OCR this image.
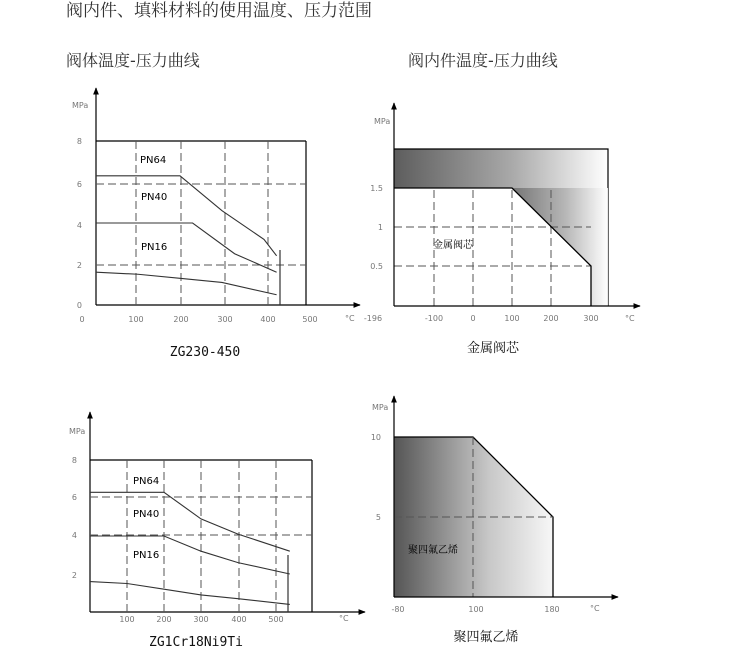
阀内件、填料材料的使用温度、压力范围
阀体温度-压力曲线	阀内件温度-压力曲线
MPa
°C
0	100	200	300	400	500
0
2
4
6
8
PN64
PN40
PN16
ZG230-450
MPa
°C
-196	-100	0	100	200	300
0.5
1
1.5
金属阀芯
金属阀芯
MPa
°C
100	200	300	400	500
2
4
6
8
PN64
PN40
PN16
ZG1Cr18Ni9Ti
MPa
°C
-80	100	180
5
10
聚四氟乙烯
聚四氟乙烯
